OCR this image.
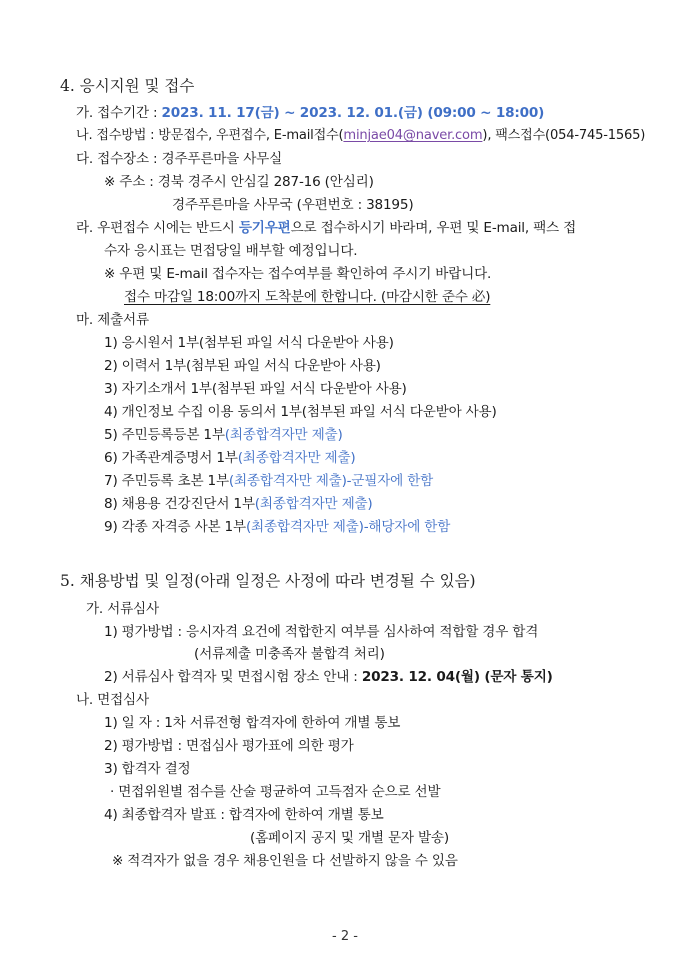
4. 응시지원 및 접수
가. 접수기간 : 2023. 11. 17(금) ~ 2023. 12. 01.(금) (09:00 ~ 18:00)
나. 접수방법 : 방문접수, 우편접수, E-mail접수(minjae04@naver.com), 팩스접수(054-745-1565)
다. 접수장소 : 경주푸른마을 사무실
※ 주소 : 경북 경주시 안심길 287-16 (안심리)
경주푸른마을 사무국 (우편번호 : 38195)
라. 우편접수 시에는 반드시 등기우편으로 접수하시기 바라며, 우편 및 E-mail, 팩스 접
수자 응시표는 면접당일 배부할 예정입니다.
※ 우편 및 E-mail 접수자는 접수여부를 확인하여 주시기 바랍니다.
접수 마감일 18:00까지 도착분에 한합니다. (마감시한 준수 必)
마. 제출서류
1) 응시원서 1부(첨부된 파일 서식 다운받아 사용)
2) 이력서 1부(첨부된 파일 서식 다운받아 사용)
3) 자기소개서 1부(첨부된 파일 서식 다운받아 사용)
4) 개인정보 수집 이용 동의서 1부(첨부된 파일 서식 다운받아 사용)
5) 주민등록등본 1부(최종합격자만 제출)
6) 가족관계증명서 1부(최종합격자만 제출)
7) 주민등록 초본 1부(최종합격자만 제출)-군필자에 한함
8) 채용용 건강진단서 1부(최종합격자만 제출)
9) 각종 자격증 사본 1부(최종합격자만 제출)-해당자에 한함
5. 채용방법 및 일정(아래 일정은 사정에 따라 변경될 수 있음)
가. 서류심사
1) 평가방법 : 응시자격 요건에 적합한지 여부를 심사하여 적합할 경우 합격
(서류제출 미충족자 불합격 처리)
2) 서류심사 합격자 및 면접시험 장소 안내 : 2023. 12. 04(월) (문자 통지)
나. 면접심사
1) 일 자 : 1차 서류전형 합격자에 한하여 개별 통보
2) 평가방법 : 면접심사 평가표에 의한 평가
3) 합격자 결정
· 면접위원별 점수를 산술 평균하여 고득점자 순으로 선발
4) 최종합격자 발표 : 합격자에 한하여 개별 통보
(홈페이지 공지 및 개별 문자 발송)
※ 적격자가 없을 경우 채용인원을 다 선발하지 않을 수 있음
- 2 -
